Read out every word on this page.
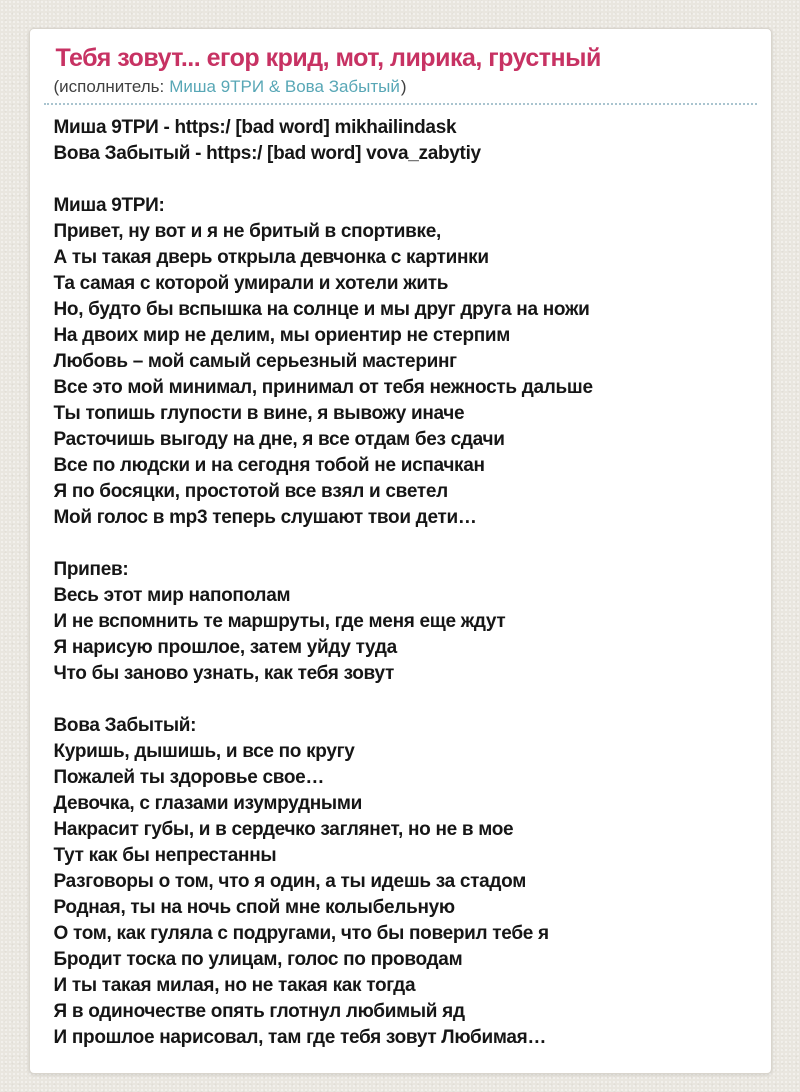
Тебя зовут... егор крид, мот, лирика, грустный
(исполнитель: Миша 9ТРИ & Вова Забытый)
Миша 9ТРИ - https:/ [bad word] mikhailindask
Вова Забытый - https:/ [bad word] vova_zabytiy

Миша 9ТРИ:
Привет, ну вот и я не бритый в спортивке,
А ты такая дверь открыла девчонка с картинки
Та самая с которой умирали и хотели жить
Но, будто бы вспышка на солнце и мы друг друга на ножи
На двоих мир не делим, мы ориентир не стерпим
Любовь – мой самый серьезный мастеринг
Все это мой минимал, принимал от тебя нежность дальше
Ты топишь глупости в вине, я вывожу иначе
Расточишь выгоду на дне, я все отдам без сдачи
Все по людски и на сегодня тобой не испачкан
Я по босяцки, простотой все взял и светел
Мой голос в mp3 теперь слушают твои дети…

Припев:
Весь этот мир напополам
И не вспомнить те маршруты, где меня еще ждут
Я нарисую прошлое, затем уйду туда
Что бы заново узнать, как тебя зовут

Вова Забытый:
Куришь, дышишь, и все по кругу
Пожалей ты здоровье свое…
Девочка, с глазами изумрудными
Накрасит губы, и в сердечко заглянет, но не в мое
Тут как бы непрестанны
Разговоры о том, что я один, а ты идешь за стадом
Родная, ты на ночь спой мне колыбельную
О том, как гуляла с подругами, что бы поверил тебе я
Бродит тоска по улицам, голос по проводам
И ты такая милая, но не такая как тогда
Я в одиночестве опять глотнул любимый яд
И прошлое нарисовал, там где тебя зовут Любимая…
